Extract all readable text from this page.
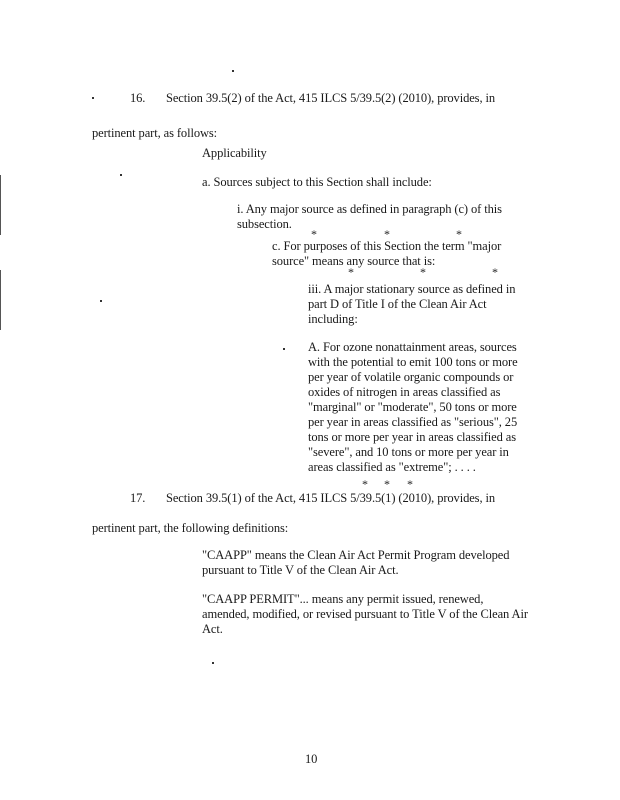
16. Section 39.5(2) of the Act, 415 ILCS 5/39.5(2) (2010), provides, in
pertinent part, as follows:
Applicability
a. Sources subject to this Section shall include:
i. Any major source as defined in paragraph (c) of this subsection.
*	*	*
c. For purposes of this Section the term "major source" means any source that is:
*	*	*
iii. A major stationary source as defined in part D of Title I of the Clean Air Act including:
A. For ozone nonattainment areas, sources with the potential to emit 100 tons or more per year of volatile organic compounds or oxides of nitrogen in areas classified as "marginal" or "moderate", 50 tons or more per year in areas classified as "serious", 25 tons or more per year in areas classified as "severe", and 10 tons or more per year in areas classified as "extreme"; . . . .
* * *
17. Section 39.5(1) of the Act, 415 ILCS 5/39.5(1) (2010), provides, in
pertinent part, the following definitions:
"CAAPP" means the Clean Air Act Permit Program developed pursuant to Title V of the Clean Air Act.
"CAAPP PERMIT"... means any permit issued, renewed, amended, modified, or revised pursuant to Title V of the Clean Air Act.
10
